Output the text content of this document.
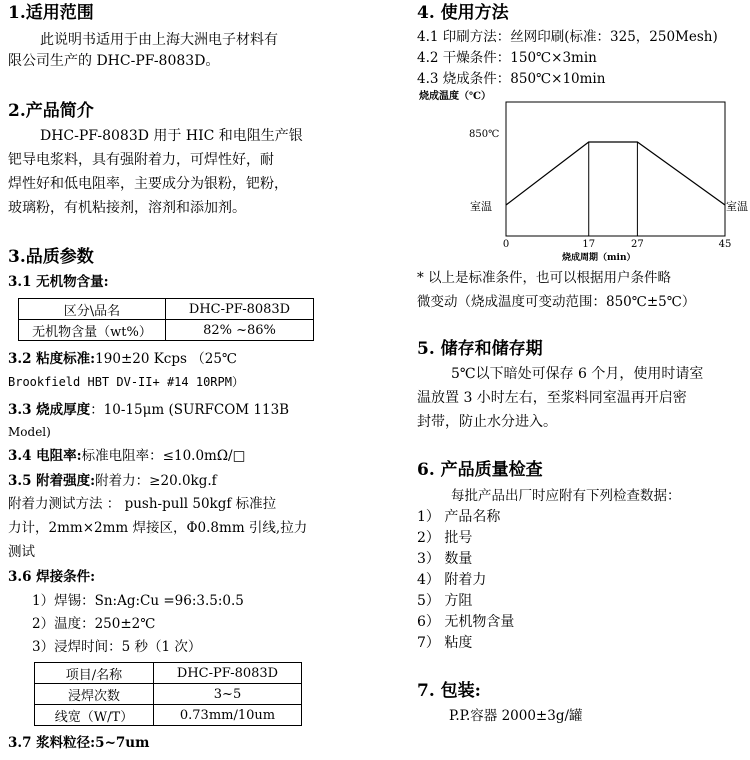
1.适用范围
此说明书适用于由上海大洲电子材料有
限公司生产的 DHC-PF-8083D。
2.产品简介
DHC-PF-8083D 用于 HIC 和电阻生产银
钯导电浆料，具有强附着力，可焊性好，耐
焊性好和低电阻率，主要成分为银粉，钯粉，
玻璃粉，有机粘接剂，溶剂和添加剂。
3.品质参数
3.1 无机物含量:
区分\品名	DHC-PF-8083D
无机物含量（wt%）	82% ~86%
3.2 粘度标准:190±20 Kcps （25℃
Brookfield HBT DV-II+ #14 10RPM）
3.3 烧成厚度：10-15μm (SURFCOM 113B
Model)
3.4 电阻率:标准电阻率：≤10.0mΩ/□
3.5 附着强度:附着力：≥20.0kg.f
附着力测试方法 ： push-pull 50kgf 标准拉
力计，2mm×2mm 焊接区，Φ0.8mm 引线,拉力
测试
3.6 焊接条件:
1）焊锡：Sn:Ag:Cu =96:3.5:0.5
2）温度：250±2℃
3）浸焊时间：5 秒（1 次）
项目/名称	DHC-PF-8083D
浸焊次数	3~5
线宽（W/T）	0.73mm/10um
3.7 浆料粒径:5~7um
4. 使用方法
4.1 印刷方法：丝网印刷(标准：325，250Mesh)
4.2 干燥条件：150℃×3min
4.3 烧成条件：850℃×10min
烧成温度（℃）
850℃
室温	室温
0	17	27	45
烧成周期（min）
* 以上是标准条件，也可以根据用户条件略
微变动（烧成温度可变动范围：850℃±5℃）
5. 储存和储存期
5℃以下暗处可保存 6 个月，使用时请室
温放置 3 小时左右，至浆料同室温再开启密
封带，防止水分进入。
6. 产品质量检查
每批产品出厂时应附有下列检查数据：
1） 产品名称
2） 批号
3） 数量
4） 附着力
5） 方阻
6） 无机物含量
7） 粘度
7. 包装:
P.P.容器 2000±3g/罐
